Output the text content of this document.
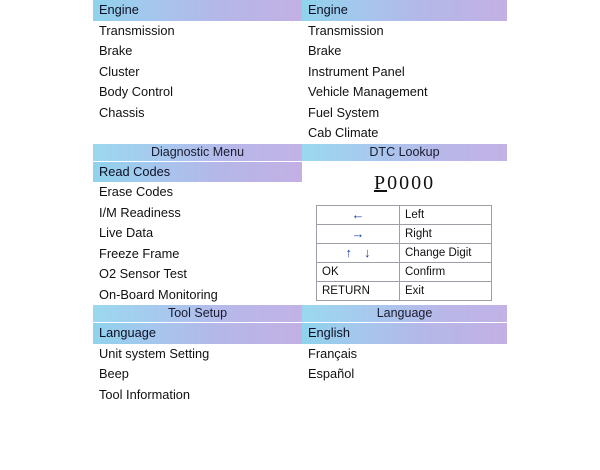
Engine
Transmission
Brake
Cluster
Body Control
Chassis
Engine
Transmission
Brake
Instrument Panel
Vehicle Management
Fuel System
Cab Climate
Diagnostic Menu
Read Codes
Erase Codes
I/M Readiness
Live Data
Freeze Frame
O2 Sensor Test
On-Board Monitoring
DTC Lookup
P0000
←	Left
→	Right
↑ ↓	Change Digit
OK	Confirm
RETURN	Exit
Tool Setup
Language
Unit system Setting
Beep
Tool Information
Language
English
Français
Español
